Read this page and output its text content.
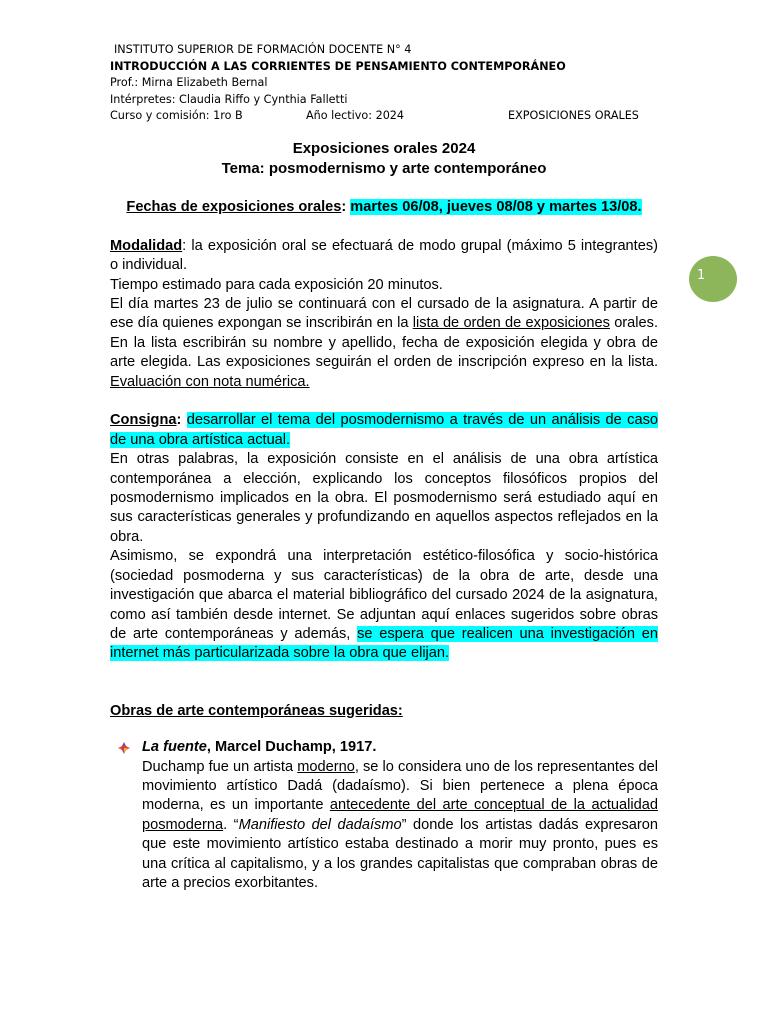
INSTITUTO SUPERIOR DE FORMACIÓN DOCENTE N° 4
INTRODUCCIÓN A LAS CORRIENTES DE PENSAMIENTO CONTEMPORÁNEO
Prof.: Mirna Elizabeth Bernal
Intérpretes: Claudia Riffo y Cynthia Falletti
Curso y comisión: 1ro B	Año lectivo: 2024	EXPOSICIONES ORALES
Exposiciones orales 2024
Tema: posmodernismo y arte contemporáneo

Fechas de exposiciones orales: martes 06/08, jueves 08/08 y martes 13/08.

Modalidad: la exposición oral se efectuará de modo grupal (máximo 5 integrantes) o individual.

Tiempo estimado para cada exposición 20 minutos.

El día martes 23 de julio se continuará con el cursado de la asignatura. A partir de ese día quienes expongan se inscribirán en la lista de orden de exposiciones orales. En la lista escribirán su nombre y apellido, fecha de exposición elegida y obra de arte elegida. Las exposiciones seguirán el orden de inscripción expreso en la lista. Evaluación con nota numérica.

Consigna: desarrollar el tema del posmodernismo a través de un análisis de caso de una obra artística actual.

En otras palabras, la exposición consiste en el análisis de una obra artística contemporánea a elección, explicando los conceptos filosóficos propios del posmodernismo implicados en la obra. El posmodernismo será estudiado aquí en sus características generales y profundizando en aquellos aspectos reflejados en la obra.

Asimismo, se expondrá una interpretación estético-filosófica y socio-histórica (sociedad posmoderna y sus características) de la obra de arte, desde una investigación que abarca el material bibliográfico del cursado 2024 de la asignatura, como así también desde internet. Se adjuntan aquí enlaces sugeridos sobre obras de arte contemporáneas y además, se espera que realicen una investigación en internet más particularizada sobre la obra que elijan.

Obras de arte contemporáneas sugeridas:

La fuente, Marcel Duchamp, 1917.

Duchamp fue un artista moderno, se lo considera uno de los representantes del movimiento artístico Dadá (dadaísmo). Si bien pertenece a plena época moderna, es un importante antecedente del arte conceptual de la actualidad posmoderna. “Manifiesto del dadaísmo” donde los artistas dadás expresaron que este movimiento artístico estaba destinado a morir muy pronto, pues es una crítica al capitalismo, y a los grandes capitalistas que compraban obras de arte a precios exorbitantes.

1
